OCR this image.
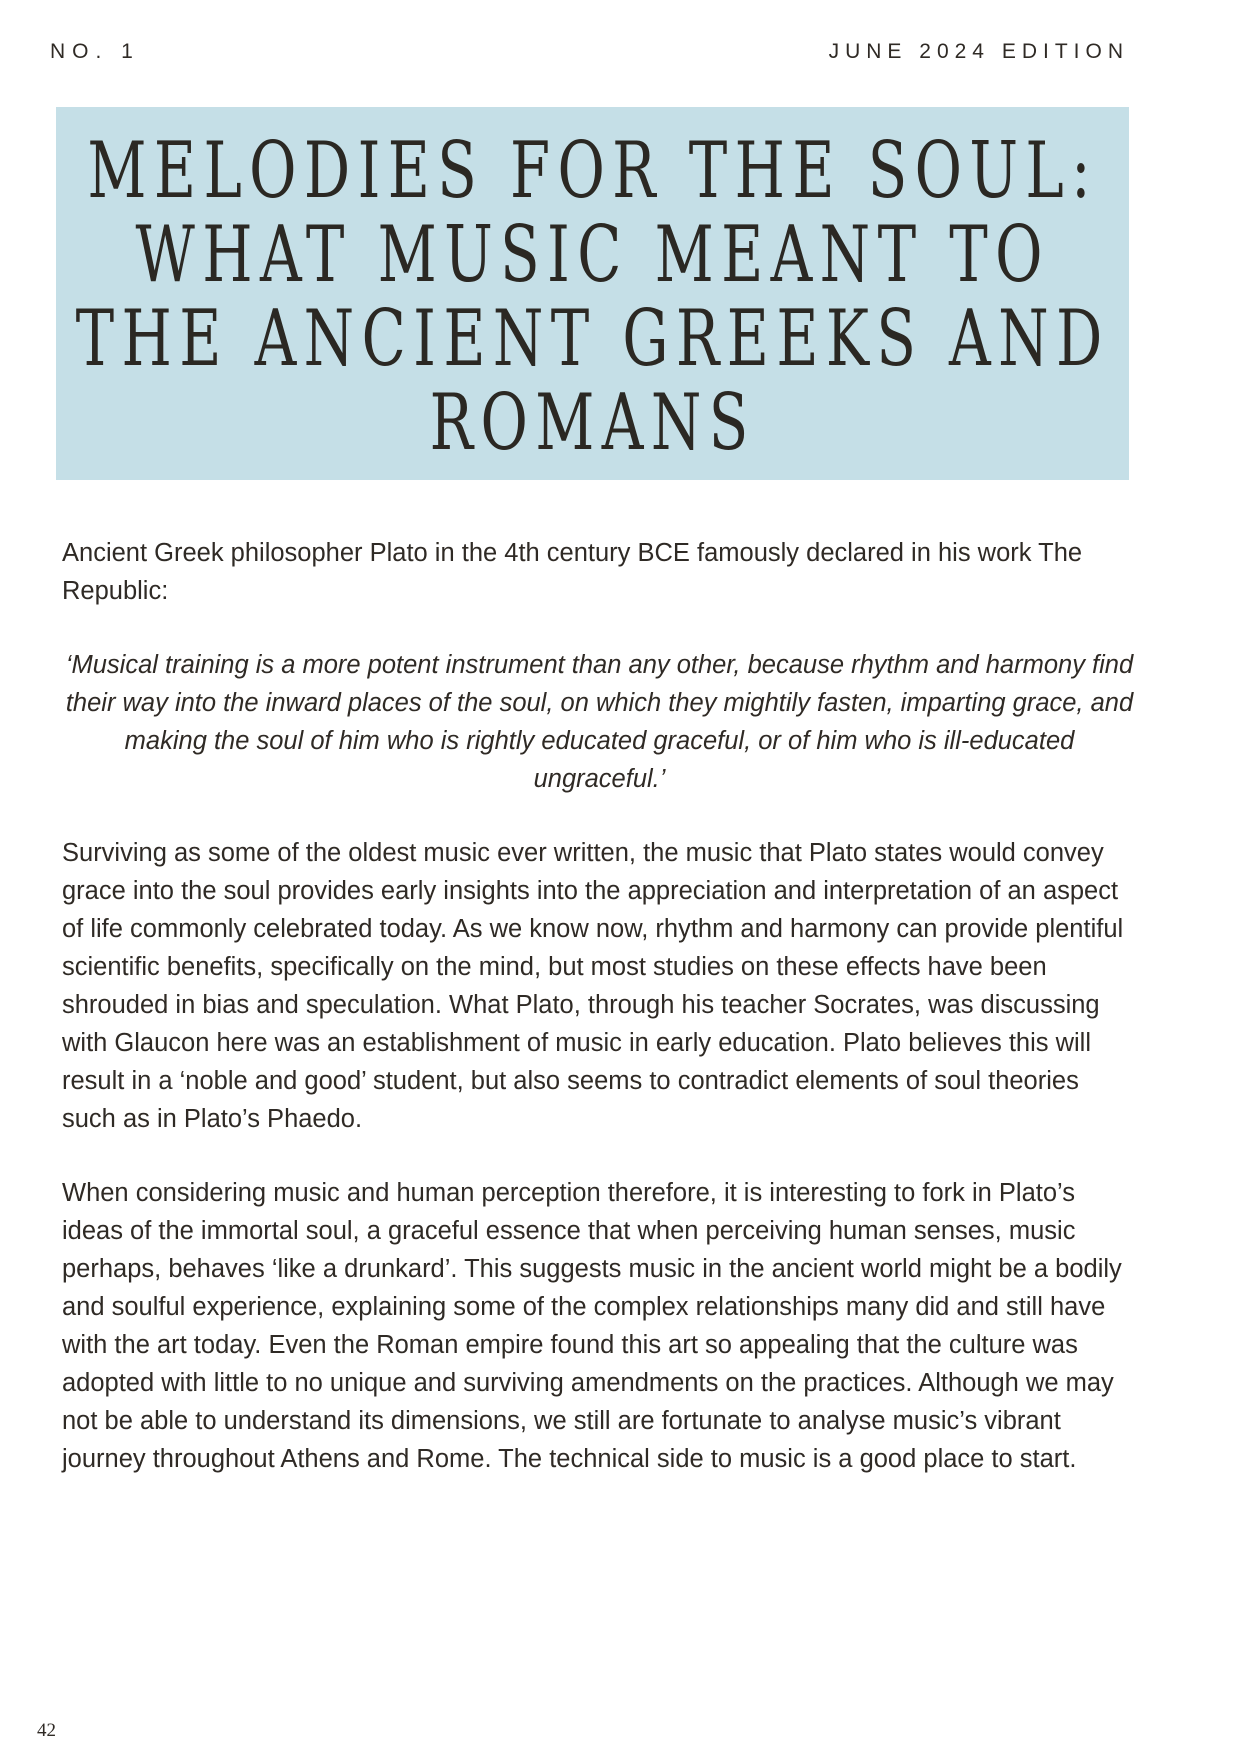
NO. 1	JUNE 2024 EDITION
MELODIES FOR THE SOUL:
WHAT MUSIC MEANT TO
THE ANCIENT GREEKS AND
ROMANS

Ancient Greek philosopher Plato in the 4th century BCE famously declared in his work The Republic:

‘Musical training is a more potent instrument than any other, because rhythm and harmony find their way into the inward places of the soul, on which they mightily fasten, imparting grace, and making the soul of him who is rightly educated graceful, or of him who is ill-educated ungraceful.’

Surviving as some of the oldest music ever written, the music that Plato states would convey grace into the soul provides early insights into the appreciation and interpretation of an aspect of life commonly celebrated today. As we know now, rhythm and harmony can provide plentiful scientific benefits, specifically on the mind, but most studies on these effects have been shrouded in bias and speculation. What Plato, through his teacher Socrates, was discussing with Glaucon here was an establishment of music in early education. Plato believes this will result in a ‘noble and good’ student, but also seems to contradict elements of soul theories such as in Plato’s Phaedo.

When considering music and human perception therefore, it is interesting to fork in Plato’s ideas of the immortal soul, a graceful essence that when perceiving human senses, music perhaps, behaves ‘like a drunkard’. This suggests music in the ancient world might be a bodily and soulful experience, explaining some of the complex relationships many did and still have with the art today. Even the Roman empire found this art so appealing that the culture was adopted with little to no unique and surviving amendments on the practices. Although we may not be able to understand its dimensions, we still are fortunate to analyse music’s vibrant journey throughout Athens and Rome. The technical side to music is a good place to start.

42
